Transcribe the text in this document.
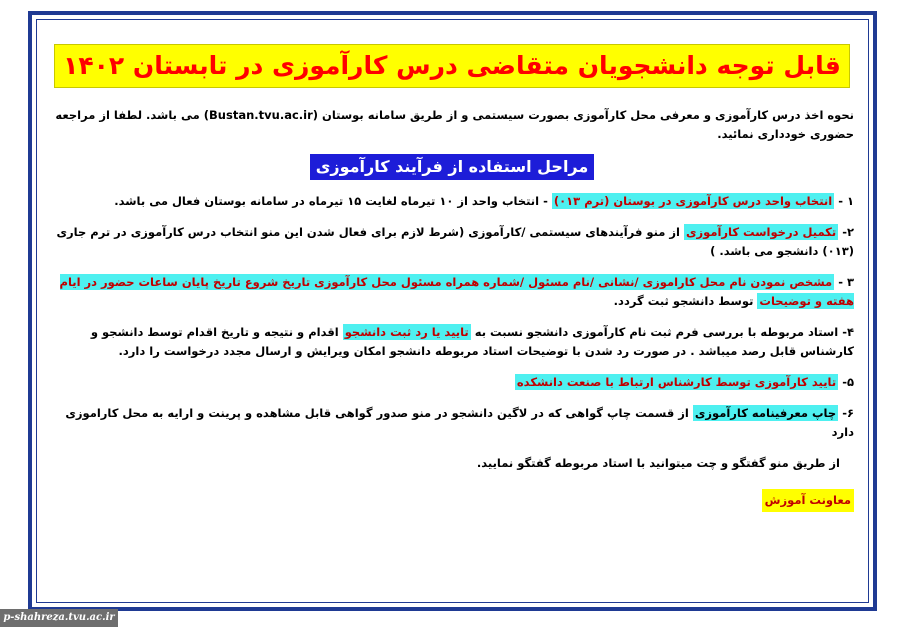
قابل توجه دانشجویان متقاضی درس کارآموزی در تابستان ۱۴۰۲
نحوه اخذ درس کارآموزی و معرفی محل کارآموزی بصورت سیستمی و از طریق سامانه بوستان (Bustan.tvu.ac.ir) می باشد. لطفا از مراجعه حضوری خودداری نمائید.
مراحل استفاده از فرآیند کارآموزی
۱ - انتخاب واحد درس کارآموزی در بوستان (ترم ۰۱۳) - انتخاب واحد از ۱۰ تیرماه لغایت ۱۵ تیرماه در سامانه بوستان فعال می باشد.
۲- تکمیل درخواست کارآموزی از منو فرآیندهای سیستمی /کارآموزی (شرط لازم برای فعال شدن این منو انتخاب درس کارآموزی در ترم جاری (۰۱۳) دانشجو می باشد. )
۳ - مشخص نمودن نام محل کاراموزی /نشانی /نام مسئول /شماره همراه مسئول محل کارآموزی تاریخ شروع تاریخ پایان ساعات حضور در ایام هفته و توضیحات توسط دانشجو ثبت گردد.
۴- استاد مربوطه با بررسی فرم ثبت نام کارآموزی دانشجو نسبت به تایید یا رد ثبت دانشجو اقدام و نتیجه و تاریخ اقدام توسط دانشجو و کارشناس قابل رصد میباشد . در صورت رد شدن با توضیحات استاد مربوطه دانشجو امکان ویرایش و ارسال مجدد درخواست را دارد.
۵- تایید کارآموزی توسط کارشناس ارتباط با صنعت دانشکده
۶- چاپ معرفینامه کارآموزی از قسمت چاپ گواهی که در لاگین دانشجو در منو صدور گواهی قابل مشاهده و پرینت و ارایه به محل کاراموزی دارد
از طریق منو گفتگو و چت میتوانید با استاد مربوطه گفتگو نمایید.
معاونت آموزش
p-shahreza.tvu.ac.ir
